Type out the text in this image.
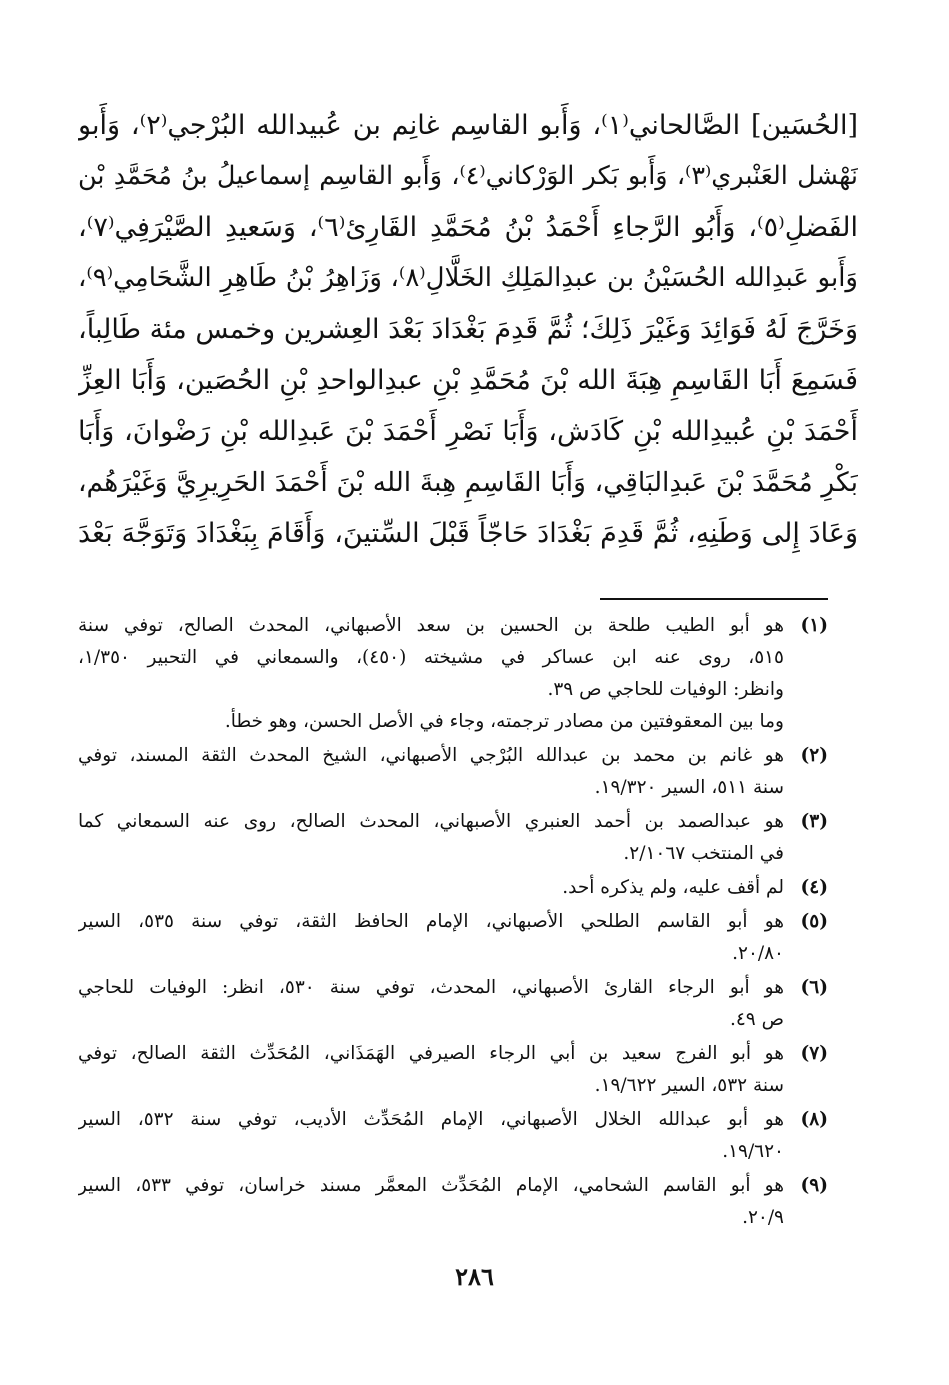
[الحُسَين] الصَّالحاني⁽١⁾، وَأَبو القاسِم غانِم بن عُبيدالله البُرْجي⁽٢⁾، وَأَبو
نَهْشل العَنْبري⁽٣⁾، وَأَبو بَكر الوَرْكاني⁽٤⁾، وَأَبو القاسِم إسماعيلُ بنُ مُحَمَّدِ بْن
الفَضلِ⁽٥⁾، وَأَبُو الرَّجاءِ أَحْمَدُ بْنُ مُحَمَّدِ القَارِئ⁽٦⁾، وَسَعيدِ الصَّيْرَفِي⁽٧⁾،
وَأَبو عَبدِالله الحُسَيْنُ بن عبدِالمَلِكِ الخَلَّالِ⁽٨⁾، وَزَاهِرُ بْنُ طَاهِرِ الشَّحَامِي⁽٩⁾،
وَخَرَّجَ لَهُ فَوَائِدَ وَغَيْرَ ذَلِكَ؛ ثُمَّ قَدِمَ بَغْدَادَ بَعْدَ العِشرين وخمس مئة طَالِباً،
فَسَمِعَ أَبَا القَاسِمِ هِبَةَ الله بْنَ مُحَمَّدِ بْنِ عبدِالواحدِ بْنِ الحُصَين، وَأَبَا العِزِّ
أَحْمَدَ بْنِ عُبيدِالله بْنِ كَادَش، وَأَبَا نَصْرِ أَحْمَدَ بْنَ عَبدِالله بْنِ رَضْوانَ، وَأَبَا
بَكْرِ مُحَمَّدَ بْنَ عَبدِالبَاقِي، وَأَبَا القَاسِمِ هِبةَ الله بْنَ أَحْمَدَ الحَرِيرِيَّ وَغَيْرَهُم،
وَعَادَ إِلى وَطَنِهِ، ثُمَّ قَدِمَ بَغْدَادَ حَاجّاً قَبْلَ السِّتينَ، وَأَقَامَ بِبَغْدَادَ وَتَوَجَّهَ بَعْدَ
(١)
هو أبو الطيب طلحة بن الحسين بن سعد الأصبهاني، المحدث الصالح، توفي سنة
٥١٥، روى عنه ابن عساكر في مشيخته (٤٥٠)، والسمعاني في التحبير ١/٣٥٠،
وانظر: الوفيات للحاجي ص ٣٩.
وما بين المعقوفتين من مصادر ترجمته، وجاء في الأصل الحسن، وهو خطأ.
(٢)
هو غانم بن محمد بن عبدالله البُرْجي الأصبهاني، الشيخ المحدث الثقة المسند، توفي
سنة ٥١١، السير ١٩/٣٢٠.
(٣)
هو عبدالصمد بن أحمد العنبري الأصبهاني، المحدث الصالح، روى عنه السمعاني كما
في المنتخب ٢/١٠٦٧.
(٤)
لم أقف عليه، ولم يذكره أحد.
(٥)
هو أبو القاسم الطلحي الأصبهاني، الإمام الحافظ الثقة، توفي سنة ٥٣٥، السير
٢٠/٨٠.
(٦)
هو أبو الرجاء القارئ الأصبهاني، المحدث، توفي سنة ٥٣٠، انظر: الوفيات للحاجي
ص ٤٩.
(٧)
هو أبو الفرج سعيد بن أبي الرجاء الصيرفي الهَمَذَاني، المُحَدِّث الثقة الصالح، توفي
سنة ٥٣٢، السير ١٩/٦٢٢.
(٨)
هو أبو عبدالله الخلال الأصبهاني، الإمام المُحَدِّث الأديب، توفي سنة ٥٣٢، السير
١٩/٦٢٠.
(٩)
هو أبو القاسم الشحامي، الإمام المُحَدِّث المعمَّر مسند خراسان، توفي ٥٣٣، السير
٢٠/٩.
٢٨٦
